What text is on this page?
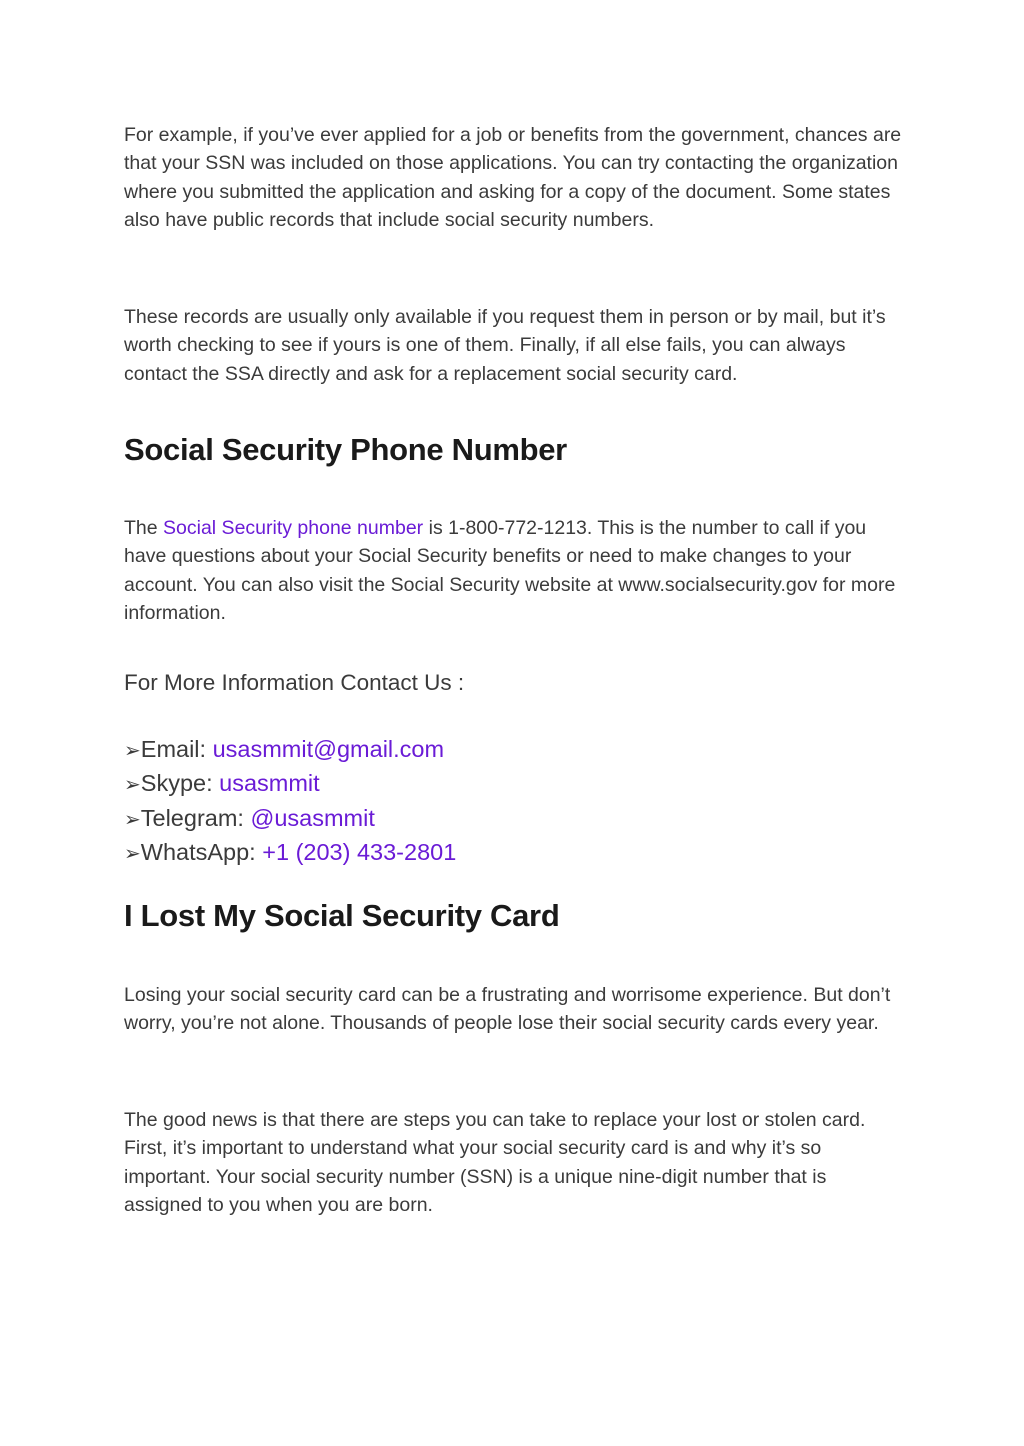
For example, if you’ve ever applied for a job or benefits from the government, chances are that your SSN was included on those applications. You can try contacting the organization where you submitted the application and asking for a copy of the document. Some states also have public records that include social security numbers.

These records are usually only available if you request them in person or by mail, but it’s worth checking to see if yours is one of them. Finally, if all else fails, you can always contact the SSA directly and ask for a replacement social security card.

Social Security Phone Number

The Social Security phone number is 1-800-772-1213. This is the number to call if you have questions about your Social Security benefits or need to make changes to your account. You can also visit the Social Security website at www.socialsecurity.gov for more information.

For More Information Contact Us :

➢Email: usasmmit@gmail.com
➢Skype: usasmmit
➢Telegram: @usasmmit
➢WhatsApp: +1 (203) 433-2801
I Lost My Social Security Card

Losing your social security card can be a frustrating and worrisome experience. But don’t worry, you’re not alone. Thousands of people lose their social security cards every year.

The good news is that there are steps you can take to replace your lost or stolen card. First, it’s important to understand what your social security card is and why it’s so important. Your social security number (SSN) is a unique nine-digit number that is assigned to you when you are born.
